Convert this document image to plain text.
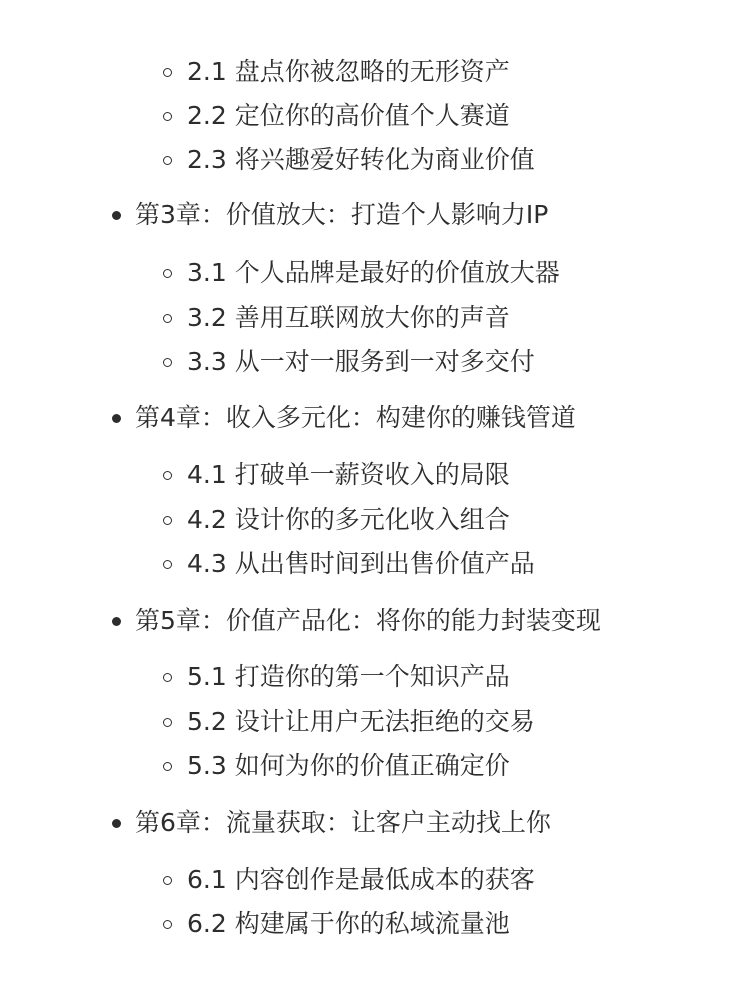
2.1 盘点你被忽略的无形资产
2.2 定位你的高价值个人赛道
2.3 将兴趣爱好转化为商业价值
第3章：价值放大：打造个人影响力IP
3.1 个人品牌是最好的价值放大器
3.2 善用互联网放大你的声音
3.3 从一对一服务到一对多交付
第4章：收入多元化：构建你的赚钱管道
4.1 打破单一薪资收入的局限
4.2 设计你的多元化收入组合
4.3 从出售时间到出售价值产品
第5章：价值产品化：将你的能力封装变现
5.1 打造你的第一个知识产品
5.2 设计让用户无法拒绝的交易
5.3 如何为你的价值正确定价
第6章：流量获取：让客户主动找上你
6.1 内容创作是最低成本的获客
6.2 构建属于你的私域流量池
